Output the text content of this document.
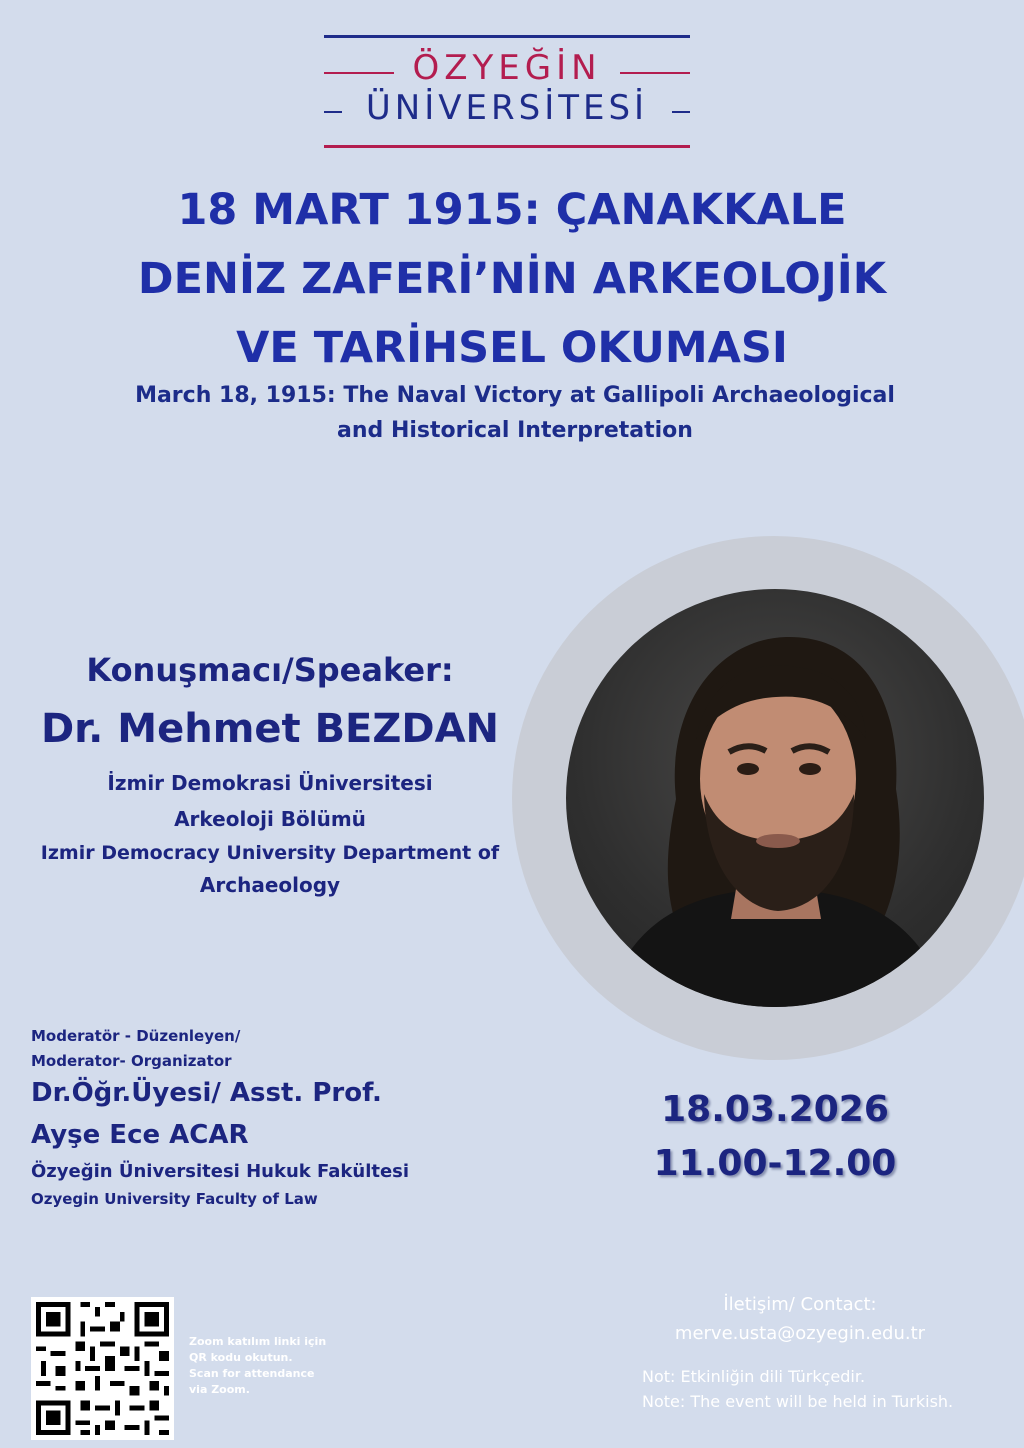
ÖZYEĞİN
ÜNİVERSİTESİ
18 MART 1915: ÇANAKKALE
DENİZ ZAFERİ’NİN ARKEOLOJİK
VE TARİHSEL OKUMASI
March 18, 1915: The Naval Victory at Gallipoli Archaeological
and Historical Interpretation
Konuşmacı/Speaker:
Dr. Mehmet BEZDAN
İzmir Demokrasi Üniversitesi
Arkeoloji Bölümü
Izmir Democracy University Department of
Archaeology
Moderatör - Düzenleyen/
Moderator- Organizator
Dr.Öğr.Üyesi/ Asst. Prof.
Ayşe Ece ACAR
Özyeğin Üniversitesi Hukuk Fakültesi
Ozyegin University Faculty of Law
18.03.2026
11.00-12.00
Zoom katılım linki için
QR kodu okutun.
Scan for attendance
via Zoom.
İletişim/ Contact:
merve.usta@ozyegin.edu.tr
Not: Etkinliğin dili Türkçedir.
Note: The event will be held in Turkish.
